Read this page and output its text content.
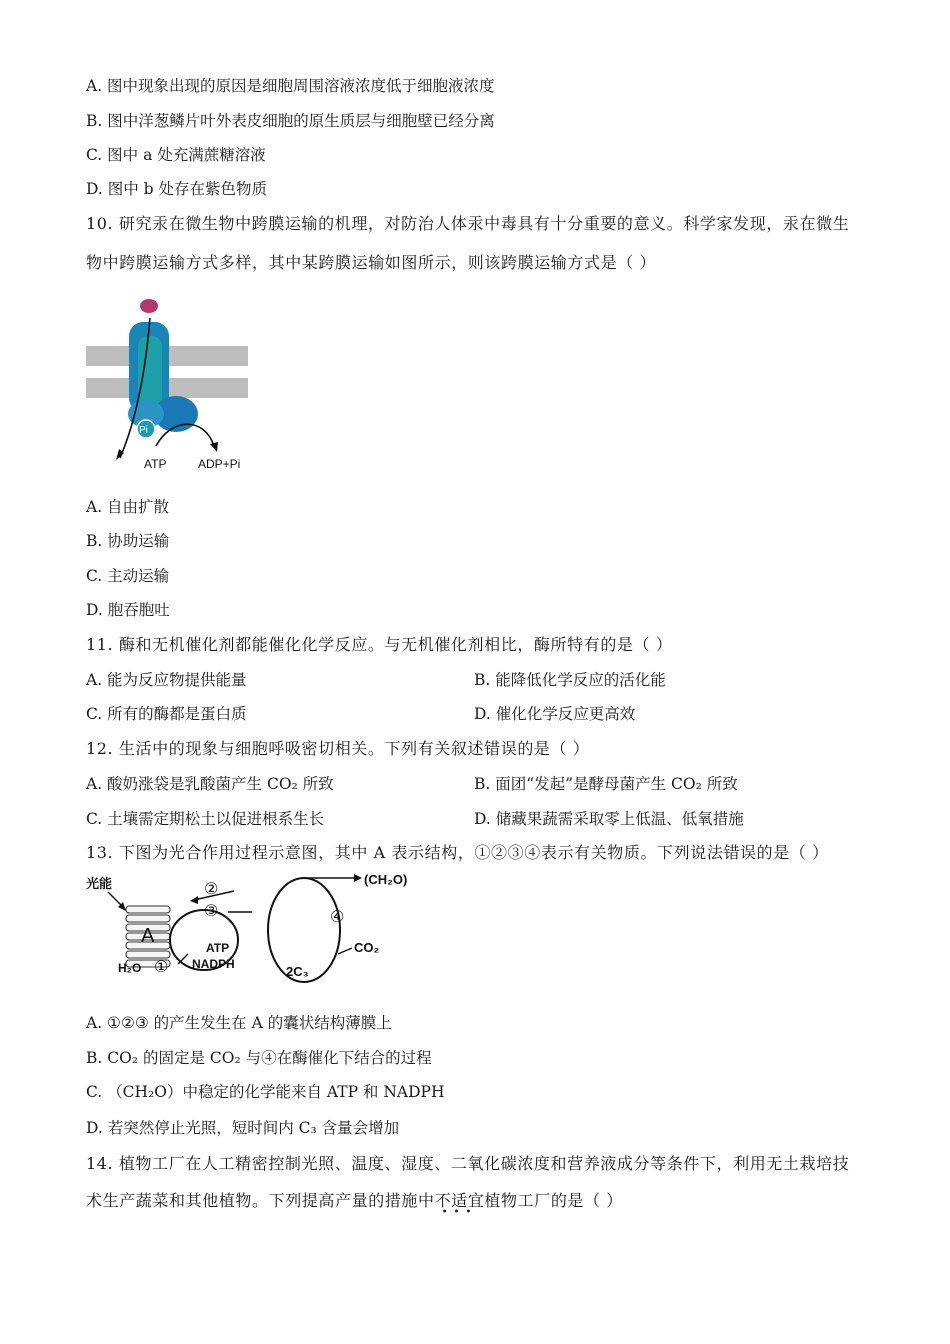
A. 图中现象出现的原因是细胞周围溶液浓度低于细胞液浓度
B. 图中洋葱鳞片叶外表皮细胞的原生质层与细胞壁已经分离
C. 图中 a 处充满蔗糖溶液
D. 图中 b 处存在紫色物质
10. 研究汞在微生物中跨膜运输的机理，对防治人体汞中毒具有十分重要的意义。科学家发现，汞在微生
物中跨膜运输方式多样，其中某跨膜运输如图所示，则该跨膜运输方式是（ ）
Pi
ATP	ADP+Pi
A. 自由扩散
B. 协助运输
C. 主动运输
D. 胞吞胞吐
11. 酶和无机催化剂都能催化化学反应。与无机催化剂相比，酶所特有的是（ ）
A. 能为反应物提供能量	B. 能降低化学反应的活化能
C. 所有的酶都是蛋白质	D. 催化化学反应更高效
12. 生活中的现象与细胞呼吸密切相关。下列有关叙述错误的是（ ）
A. 酸奶涨袋是乳酸菌产生 CO₂ 所致	B. 面团“发起”是酵母菌产生 CO₂ 所致
C. 土壤需定期松土以促进根系生长	D. 储藏果蔬需采取零上低温、低氧措施
13. 下图为光合作用过程示意图，其中 A 表示结构，①②③④表示有关物质。下列说法错误的是（ ）
光能
A
②
③
ATP
NADPH
H₂O ①
(CH₂O)
④
CO₂
2C₃
A. ①②③ 的产生发生在 A 的囊状结构薄膜上
B. CO₂ 的固定是 CO₂ 与④在酶催化下结合的过程
C. （CH₂O）中稳定的化学能来自 ATP 和 NADPH
D. 若突然停止光照，短时间内 C₃ 含量会增加
14. 植物工厂在人工精密控制光照、温度、湿度、二氧化碳浓度和营养液成分等条件下，利用无土栽培技
术生产蔬菜和其他植物。下列提高产量的措施中不适宜
•••
植物工厂的是（ ）
